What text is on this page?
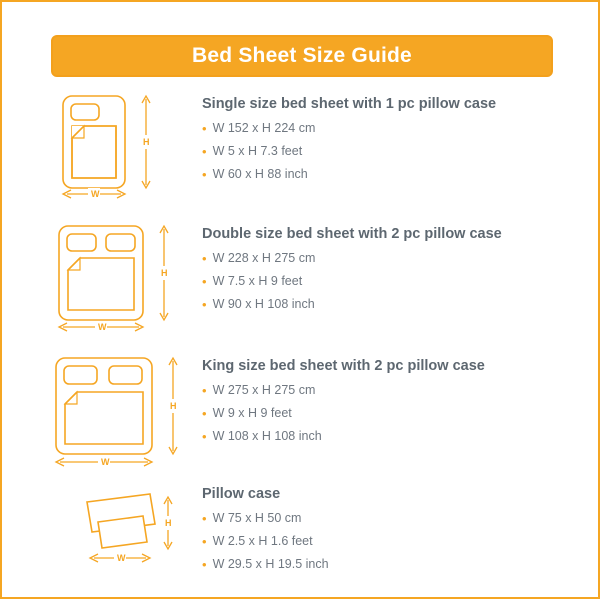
Bed Sheet Size Guide
H
W
Single size bed sheet with 1 pc pillow case
• W 152 x H 224 cm
• W 5 x H 7.3 feet
• W 60 x H 88 inch
H
W
Double size bed sheet with 2 pc pillow case
• W 228 x H 275 cm
• W 7.5 x H 9 feet
• W 90 x H 108 inch
H
W
King size bed sheet with 2 pc pillow case
• W 275 x H 275 cm
• W 9 x H 9 feet
• W 108 x H 108 inch
H
W
Pillow case
• W 75 x H 50 cm
• W 2.5 x H 1.6 feet
• W 29.5 x H 19.5 inch
